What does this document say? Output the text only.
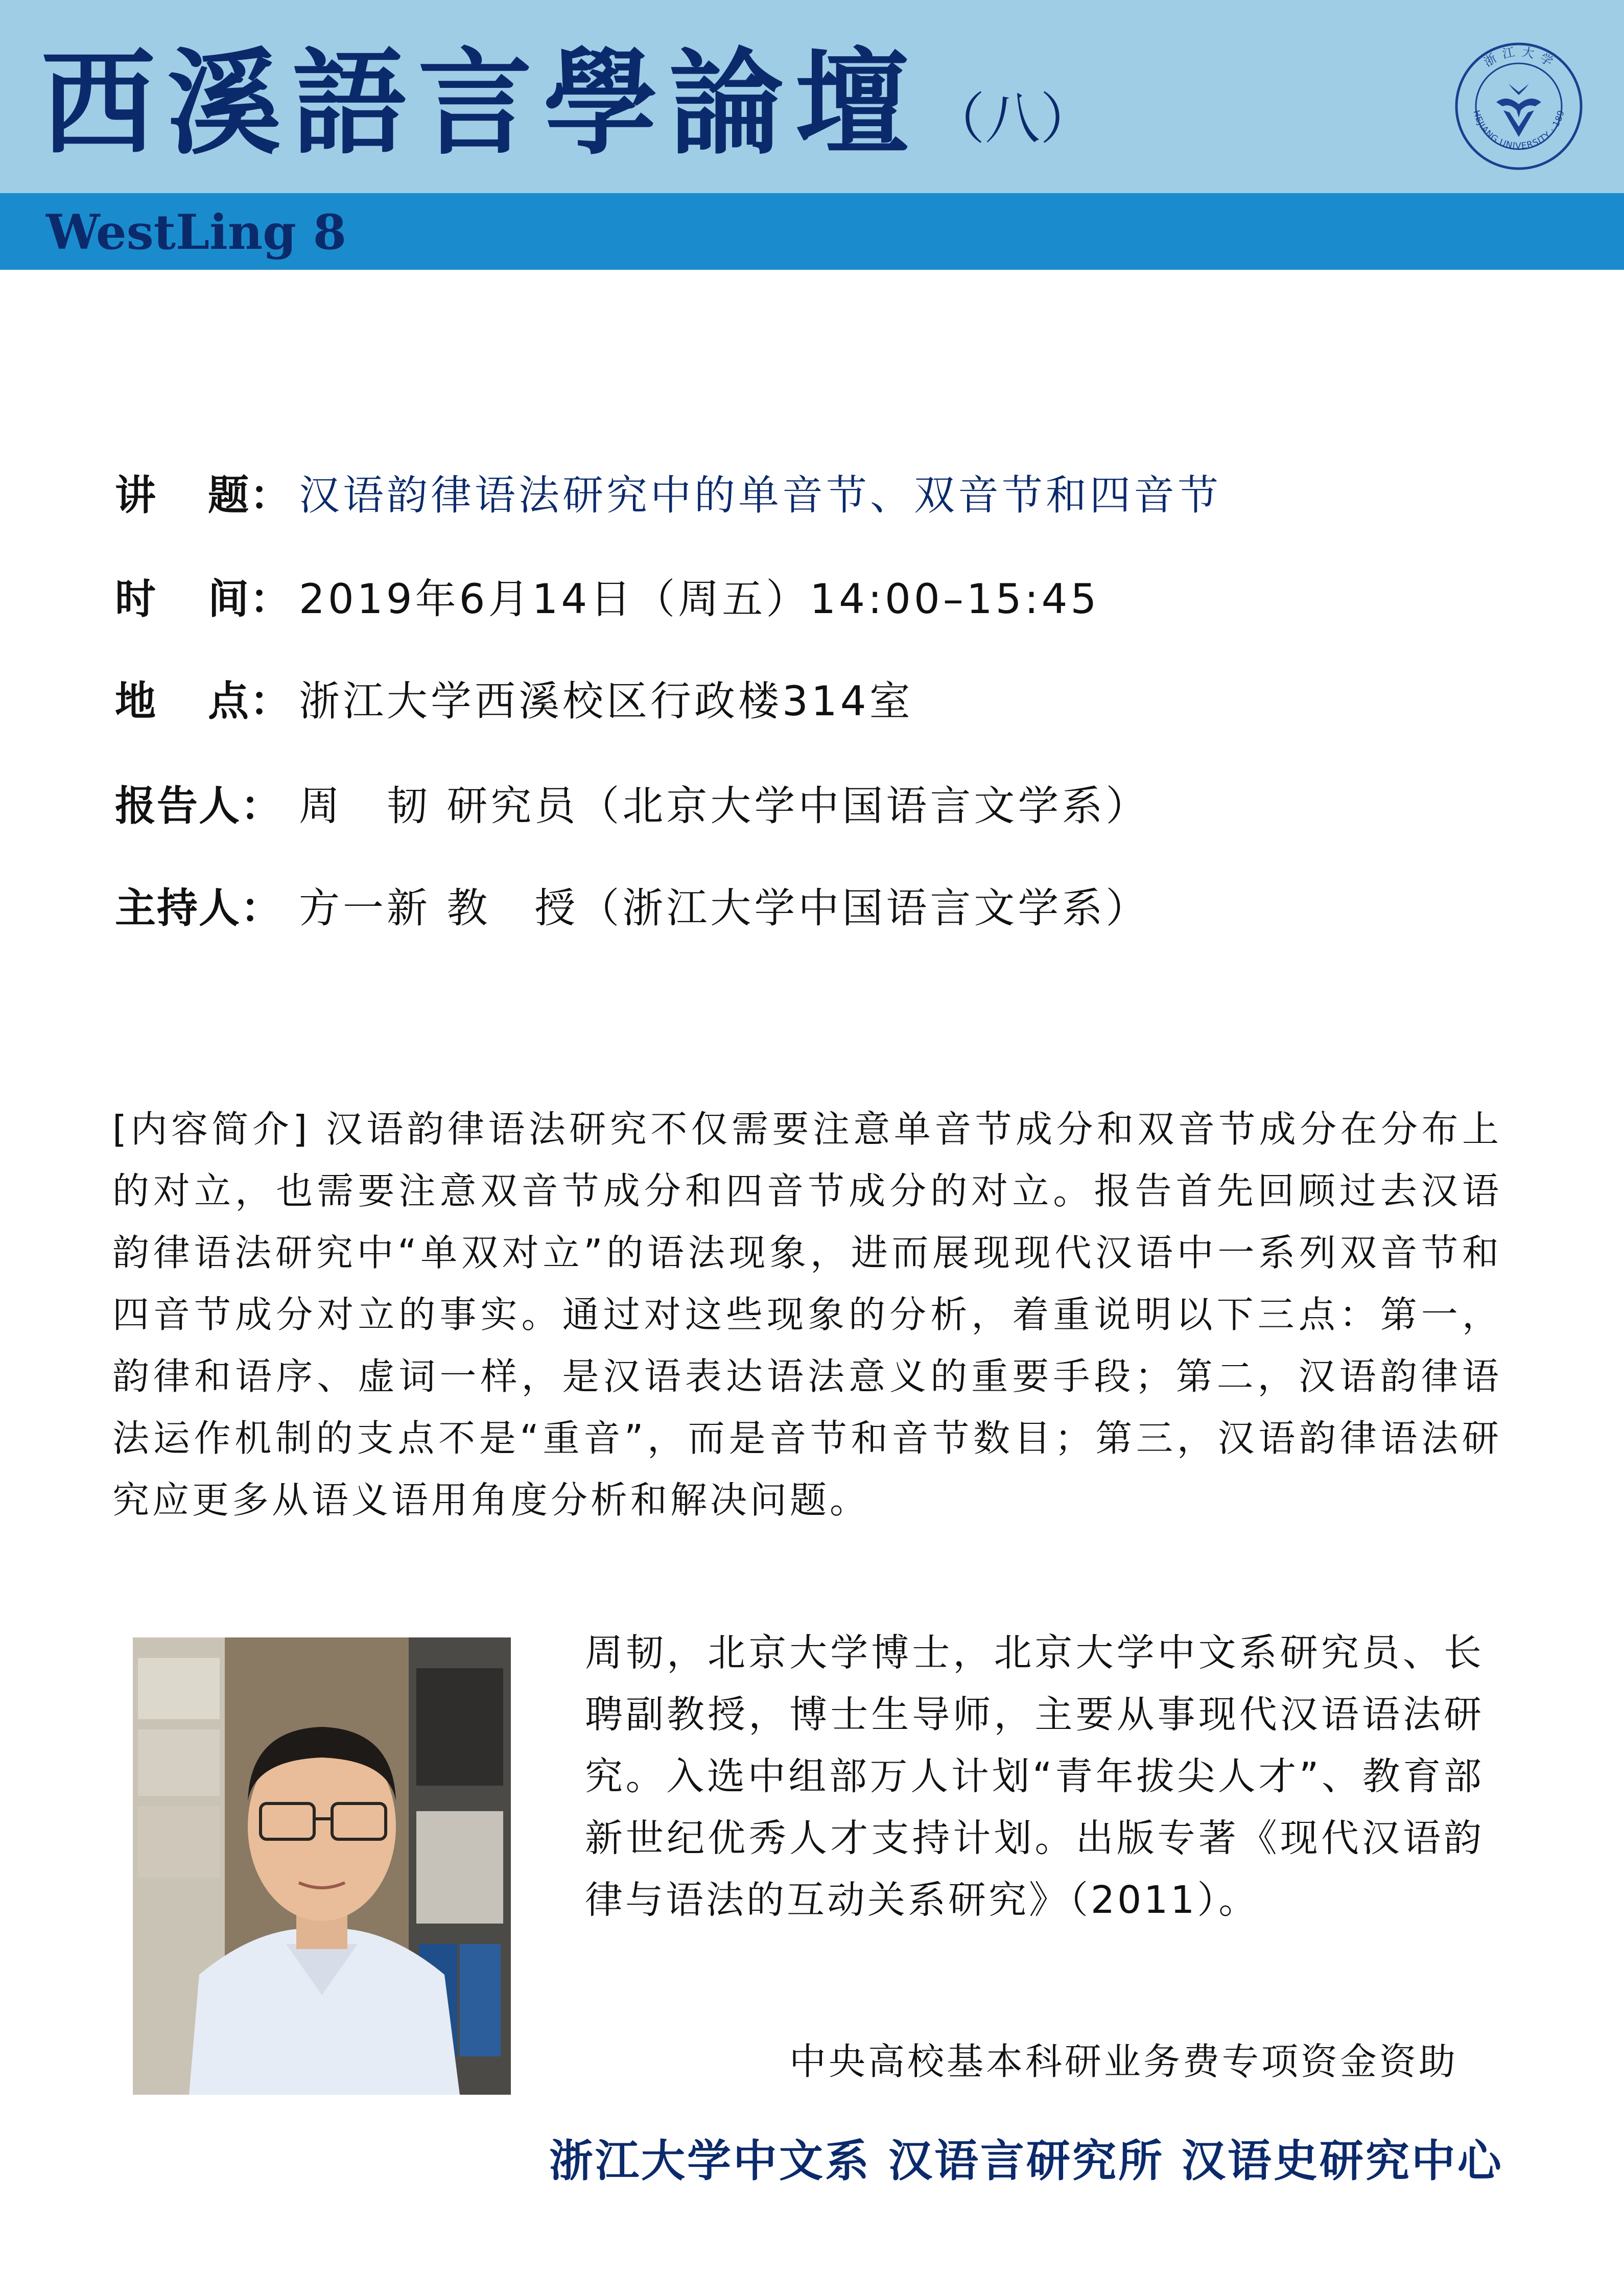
西溪語言學論壇 （八）
浙 江 大 学
HEJIANG UNIVERSITY · 189
WestLing 8
讲 题： 汉语韵律语法研究中的单音节、双音节和四音节
时 间： 2019年6月14日（周五）14:00–15:45
地 点： 浙江大学西溪校区行政楼314室
报告人： 周　韧 研究员（北京大学中国语言文学系）
主持人： 方一新 教　授（浙江大学中国语言文学系）

[内容简介] 汉语韵律语法研究不仅需要注意单音节成分和双音节成分在分布上的对立，也需要注意双音节成分和四音节成分的对立。报告首先回顾过去汉语韵律语法研究中“单双对立”的语法现象，进而展现现代汉语中一系列双音节和四音节成分对立的事实。通过对这些现象的分析，着重说明以下三点：第一，韵律和语序、虚词一样，是汉语表达语法意义的重要手段；第二，汉语韵律语法运作机制的支点不是“重音”，而是音节和音节数目；第三，汉语韵律语法研究应更多从语义语用角度分析和解决问题。

周韧，北京大学博士，北京大学中文系研究员、长聘副教授，博士生导师，主要从事现代汉语语法研究。入选中组部万人计划“青年拔尖人才”、教育部新世纪优秀人才支持计划。出版专著《现代汉语韵律与语法的互动关系研究》（2011）。

中央高校基本科研业务费专项资金资助
浙江大学中文系 汉语言研究所 汉语史研究中心
